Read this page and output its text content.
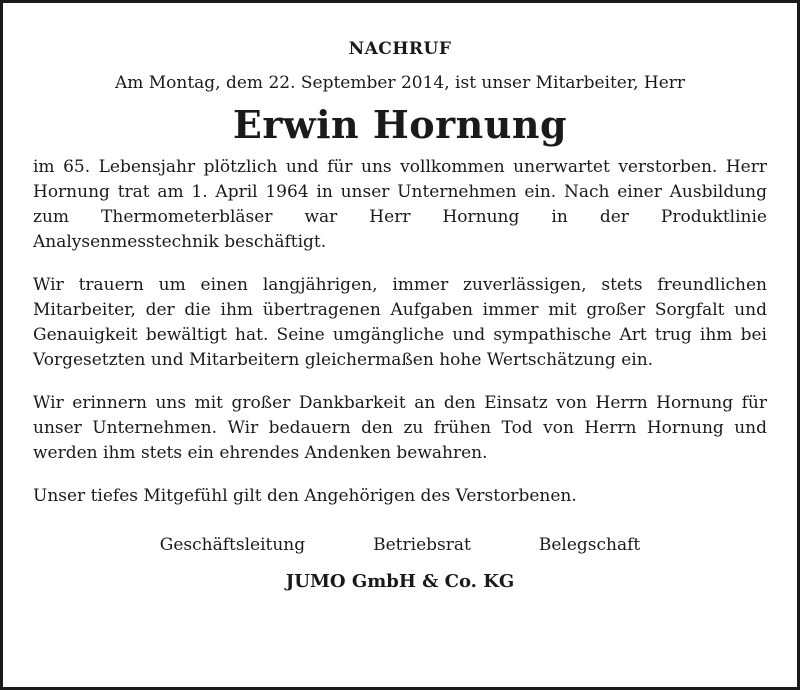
NACHRUF

Am Montag, dem 22. September 2014, ist unser Mitarbeiter, Herr

Erwin Hornung

im 65. Lebensjahr plötzlich und für uns vollkommen unerwartet verstorben. Herr Hornung trat am 1. April 1964 in unser Unternehmen ein. Nach einer Ausbildung zum Thermometerbläser war Herr Hornung in der Produktlinie Analysenmesstechnik beschäftigt.

Wir trauern um einen langjährigen, immer zuverlässigen, stets freundlichen Mitarbeiter, der die ihm übertragenen Aufgaben immer mit großer Sorgfalt und Genauigkeit bewältigt hat. Seine umgängliche und sympathische Art trug ihm bei Vorgesetzten und Mitarbeitern gleichermaßen hohe Wertschätzung ein.

Wir erinnern uns mit großer Dankbarkeit an den Einsatz von Herrn Hornung für unser Unternehmen. Wir bedauern den zu frühen Tod von Herrn Hornung und werden ihm stets ein ehrendes Andenken bewahren.

Unser tiefes Mitgefühl gilt den Angehörigen des Verstorbenen.

Geschäftsleitung	Betriebsrat	Belegschaft
JUMO GmbH & Co. KG
